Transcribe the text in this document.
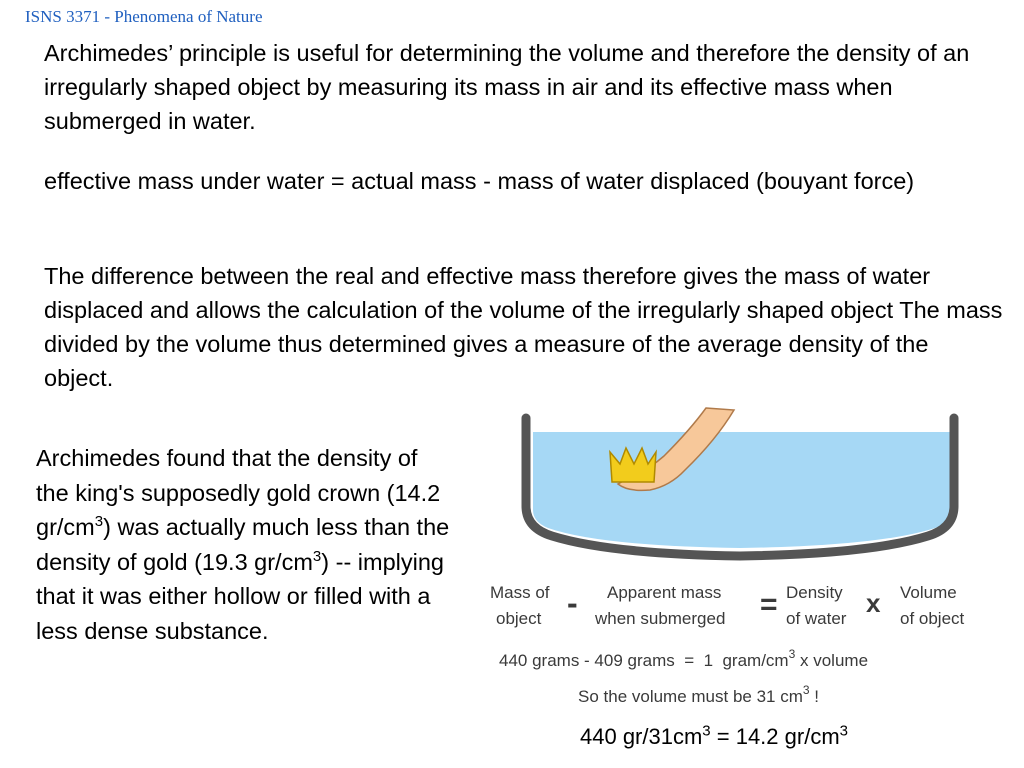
ISNS 3371 - Phenomena of Nature

Archimedes’ principle is useful for determining the volume and therefore the density of an irregularly shaped object by measuring its mass in air and its effective mass when submerged in water.

effective mass under water = actual mass - mass of water displaced (bouyant force)

The difference between the real and effective mass therefore gives the mass of water displaced and allows the calculation of the volume of the irregularly shaped object The mass divided by the volume thus determined gives a measure of the average density of the object.

Archimedes found that the density of the king's supposedly gold crown (14.2 $gr/cm^3$) was actually much less than the density of gold (19.3 $gr/cm^3$) -- implying that it was either hollow or filled with a less dense substance.

Mass of object -	Apparent mass when submerged = Density of water
x Volume of object
440 grams - 409 grams  =  1  gram/$cm^3$ x volume
So the volume must be 31 $cm^3$ !
440 $gr/31cm^3 = 14.2$ $gr/cm^3$
